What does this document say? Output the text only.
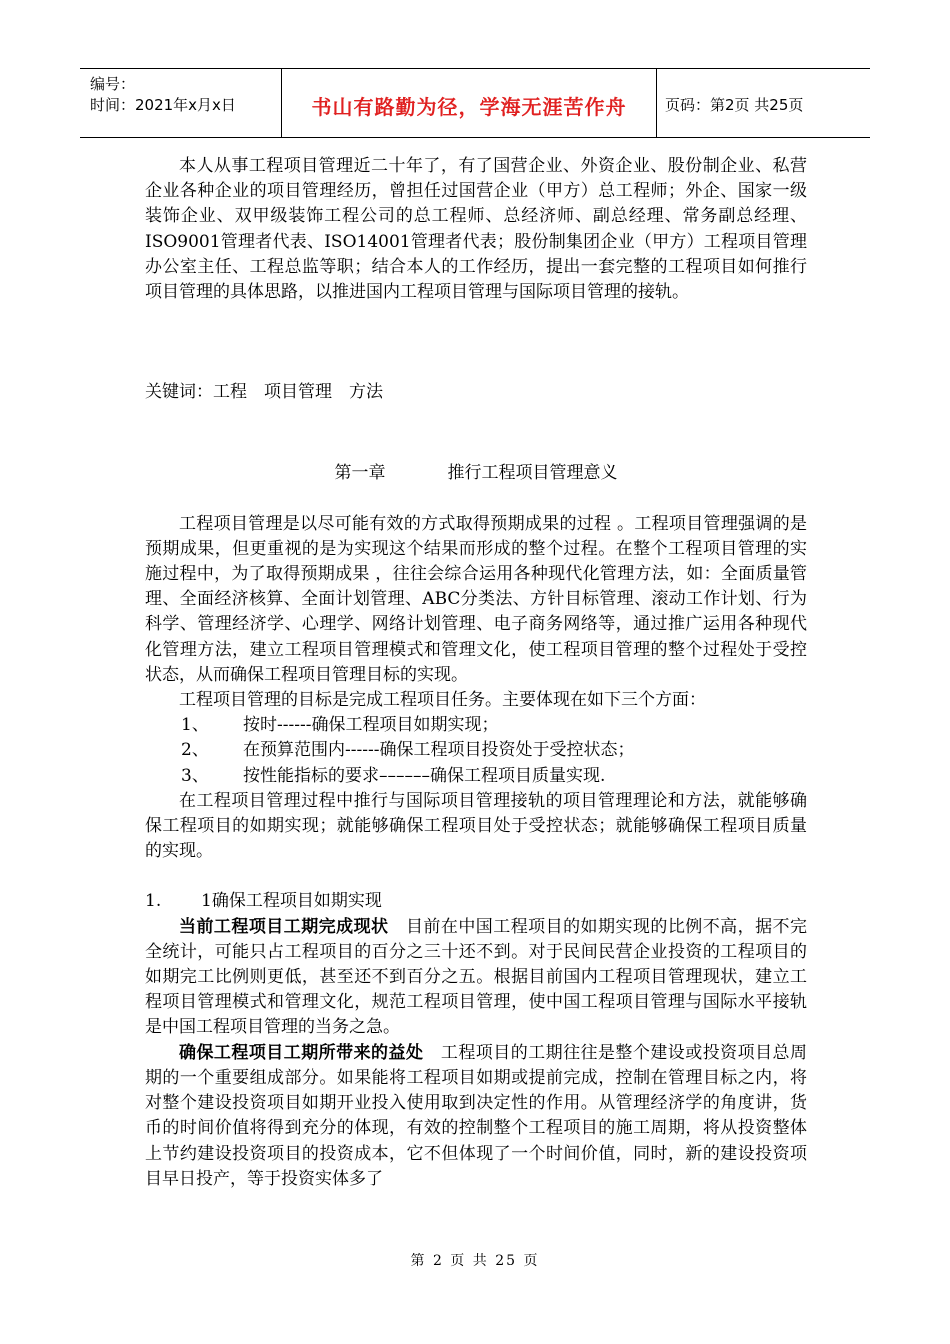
编号：
时间：2021年x月x日	书山有路勤为径，学海无涯苦作舟	页码：第2页 共25页

本人从事工程项目管理近二十年了，有了国营企业、外资企业、股份制企业、私营企业各种企业的项目管理经历，曾担任过国营企业（甲方）总工程师；外企、国家一级装饰企业、双甲级装饰工程公司的总工程师、总经济师、副总经理、常务副总经理、ISO9001管理者代表、ISO14001管理者代表；股份制集团企业（甲方）工程项目管理办公室主任、工程总监等职；结合本人的工作经历，提出一套完整的工程项目如何推行项目管理的具体思路，以推进国内工程项目管理与国际项目管理的接轨。

关键词：工程　项目管理　方法

第一章	推行工程项目管理意义

工程项目管理是以尽可能有效的方式取得预期成果的过程 。工程项目管理强调的是预期成果，但更重视的是为实现这个结果而形成的整个过程。在整个工程项目管理的实施过程中，为了取得预期成果 ，往往会综合运用各种现代化管理方法，如：全面质量管理、全面经济核算、全面计划管理、ABC分类法、方针目标管理、滚动工作计划、行为科学、管理经济学、心理学、网络计划管理、电子商务网络等，通过推广运用各种现代化管理方法，建立工程项目管理模式和管理文化，使工程项目管理的整个过程处于受控状态，从而确保工程项目管理目标的实现。

工程项目管理的目标是完成工程项目任务。主要体现在如下三个方面：

1、 按时------确保工程项目如期实现；

2、 在预算范围内------确保工程项目投资处于受控状态；

3、 按性能指标的要求––––––确保工程项目质量实现.

在工程项目管理过程中推行与国际项目管理接轨的项目管理理论和方法，就能够确保工程项目的如期实现；就能够确保工程项目处于受控状态；就能够确保工程项目质量的实现。

1. 1确保工程项目如期实现

当前工程项目工期完成现状　目前在中国工程项目的如期实现的比例不高，据不完全统计，可能只占工程项目的百分之三十还不到。对于民间民营企业投资的工程项目的如期完工比例则更低，甚至还不到百分之五。根据目前国内工程项目管理现状，建立工程项目管理模式和管理文化，规范工程项目管理，使中国工程项目管理与国际水平接轨是中国工程项目管理的当务之急。

确保工程项目工期所带来的益处　工程项目的工期往往是整个建设或投资项目总周期的一个重要组成部分。如果能将工程项目如期或提前完成，控制在管理目标之内，将对整个建设投资项目如期开业投入使用取到决定性的作用。从管理经济学的角度讲，货币的时间价值将得到充分的体现，有效的控制整个工程项目的施工周期，将从投资整体上节约建设投资项目的投资成本，它不但体现了一个时间价值，同时，新的建设投资项目早日投产，等于投资实体多了

第 2 页 共 25 页
